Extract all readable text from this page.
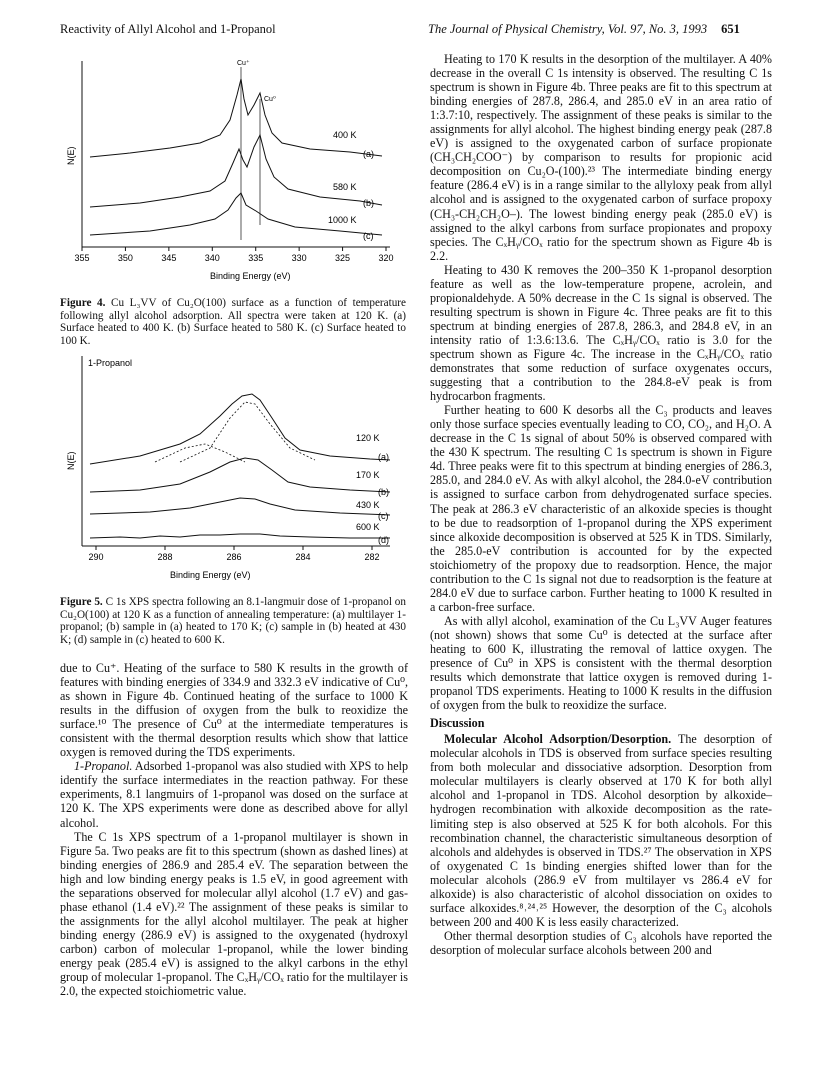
Reactivity of Allyl Alcohol and 1-Propanol	The Journal of Physical Chemistry, Vol. 97, No. 3, 1993 651
355	350	345	340	335	330	325	320
Cu⁺
Cu⁰
400 K
(a)
580 K
(b)
1000 K
(c)
N(E)
Binding Energy (eV)
Figure 4. Cu L₃VV of Cu₂O(100) surface as a function of temperature following allyl alcohol adsorption. All spectra were taken at 120 K. (a) Surface heated to 400 K. (b) Surface heated to 580 K. (c) Surface heated to 100 K.
290	288	286	284	282
1-Propanol
120 K
(a)
170 K
(b)
430 K
(c)
600 K
(d)
N(E)
Binding Energy (eV)
Figure 5. C 1s XPS spectra following an 8.1-langmuir dose of 1-propanol on Cu₂O(100) at 120 K as a function of annealing temperature: (a) multilayer 1-propanol; (b) sample in (a) heated to 170 K; (c) sample in (b) heated at 430 K; (d) sample in (c) heated to 600 K.

due to Cu⁺. Heating of the surface to 580 K results in the growth of features with binding energies of 334.9 and 332.3 eV indicative of Cu⁰, as shown in Figure 4b. Continued heating of the surface to 1000 K results in the diffusion of oxygen from the bulk to reoxidize the surface.¹⁰ The presence of Cu⁰ at the intermediate temperatures is consistent with the thermal desorption results which show that lattice oxygen is removed during the TDS experiments.

1-Propanol. Adsorbed 1-propanol was also studied with XPS to help identify the surface intermediates in the reaction pathway. For these experiments, 8.1 langmuirs of 1-propanol was dosed on the surface at 120 K. The XPS experiments were done as described above for allyl alcohol.

The C 1s XPS spectrum of a 1-propanol multilayer is shown in Figure 5a. Two peaks are fit to this spectrum (shown as dashed lines) at binding energies of 286.9 and 285.4 eV. The separation between the high and low binding energy peaks is 1.5 eV, in good agreement with the separations observed for molecular allyl alcohol (1.7 eV) and gas-phase ethanol (1.4 eV).²² The assignment of these peaks is similar to the assignments for the allyl alcohol multilayer. The peak at higher binding energy (286.9 eV) is assigned to the oxygenated (hydroxyl carbon) carbon of molecular 1-propanol, while the lower binding energy peak (285.4 eV) is assigned to the alkyl carbons in the ethyl group of molecular 1-propanol. The CₓHᵧ/COₓ ratio for the multilayer is 2.0, the expected stoichiometric value.

Heating to 170 K results in the desorption of the multilayer. A 40% decrease in the overall C 1s intensity is observed. The resulting C 1s spectrum is shown in Figure 4b. Three peaks are fit to this spectrum at binding energies of 287.8, 286.4, and 285.0 eV in an area ratio of 1:3.7:10, respectively. The assignment of these peaks is similar to the assignments for allyl alcohol. The highest binding energy peak (287.8 eV) is assigned to the oxygenated carbon of surface propionate (CH₃CH₂COO⁻) by comparison to results for propionic acid decomposition on Cu₂O-(100).²³ The intermediate binding energy feature (286.4 eV) is in a range similar to the allyloxy peak from allyl alcohol and is assigned to the oxygenated carbon of surface propoxy (CH₃-CH₂CH₂O–). The lowest binding energy peak (285.0 eV) is assigned to the alkyl carbons from surface propionates and propoxy species. The CₓHᵧ/COₓ ratio for the spectrum shown as Figure 4b is 2.2.

Heating to 430 K removes the 200–350 K 1-propanol desorption feature as well as the low-temperature propene, acrolein, and propionaldehyde. A 50% decrease in the C 1s signal is observed. The resulting spectrum is shown in Figure 4c. Three peaks are fit to this spectrum at binding energies of 287.8, 286.3, and 284.8 eV, in an intensity ratio of 1:3.6:13.6. The CₓHᵧ/COₓ ratio is 3.0 for the spectrum shown as Figure 4c. The increase in the CₓHᵧ/COₓ ratio demonstrates that some reduction of surface oxygenates occurs, suggesting that a contribution to the 284.8-eV peak is from hydrocarbon fragments.

Further heating to 600 K desorbs all the C₃ products and leaves only those surface species eventually leading to CO, CO₂, and H₂O. A decrease in the C 1s signal of about 50% is observed compared with the 430 K spectrum. The resulting C 1s spectrum is shown in Figure 4d. Three peaks were fit to this spectrum at binding energies of 286.3, 285.0, and 284.0 eV. As with alkyl alcohol, the 284.0-eV contribution is assigned to surface carbon from dehydrogenated surface species. The peak at 286.3 eV characteristic of an alkoxide species is thought to be due to readsorption of 1-propanol during the XPS experiment since alkoxide decomposition is observed at 525 K in TDS. Similarly, the 285.0-eV contribution is accounted for by the expected stoichiometry of the propoxy due to readsorption. Hence, the major contribution to the C 1s signal not due to readsorption is the feature at 284.0 eV due to surface carbon. Further heating to 1000 K resulted in a carbon-free surface.

As with allyl alcohol, examination of the Cu L₃VV Auger features (not shown) shows that some Cu⁰ is detected at the surface after heating to 600 K, illustrating the removal of lattice oxygen. The presence of Cu⁰ in XPS is consistent with the thermal desorption results which demonstrate that lattice oxygen is removed during 1-propanol TDS experiments. Heating to 1000 K results in the diffusion of oxygen from the bulk to reoxidize the surface.

Discussion

Molecular Alcohol Adsorption/Desorption. The desorption of molecular alcohols in TDS is observed from surface species resulting from both molecular and dissociative adsorption. Desorption from molecular multilayers is clearly observed at 170 K for both allyl alcohol and 1-propanol in TDS. Alcohol desorption by alkoxide–hydrogen recombination with alkoxide decomposition as the rate-limiting step is also observed at 525 K for both alcohols. For this recombination channel, the characteristic simultaneous desorption of alcohols and aldehydes is observed in TDS.²⁷ The observation in XPS of oxygenated C 1s binding energies shifted lower than for the molecular alcohols (286.9 eV from multilayer vs 286.4 eV for alkoxide) is also characteristic of alcohol dissociation on oxides to surface alkoxides.⁸˒²⁴˒²⁵ However, the desorption of the C₃ alcohols between 200 and 400 K is less easily characterized.

Other thermal desorption studies of C₃ alcohols have reported the desorption of molecular surface alcohols between 200 and
